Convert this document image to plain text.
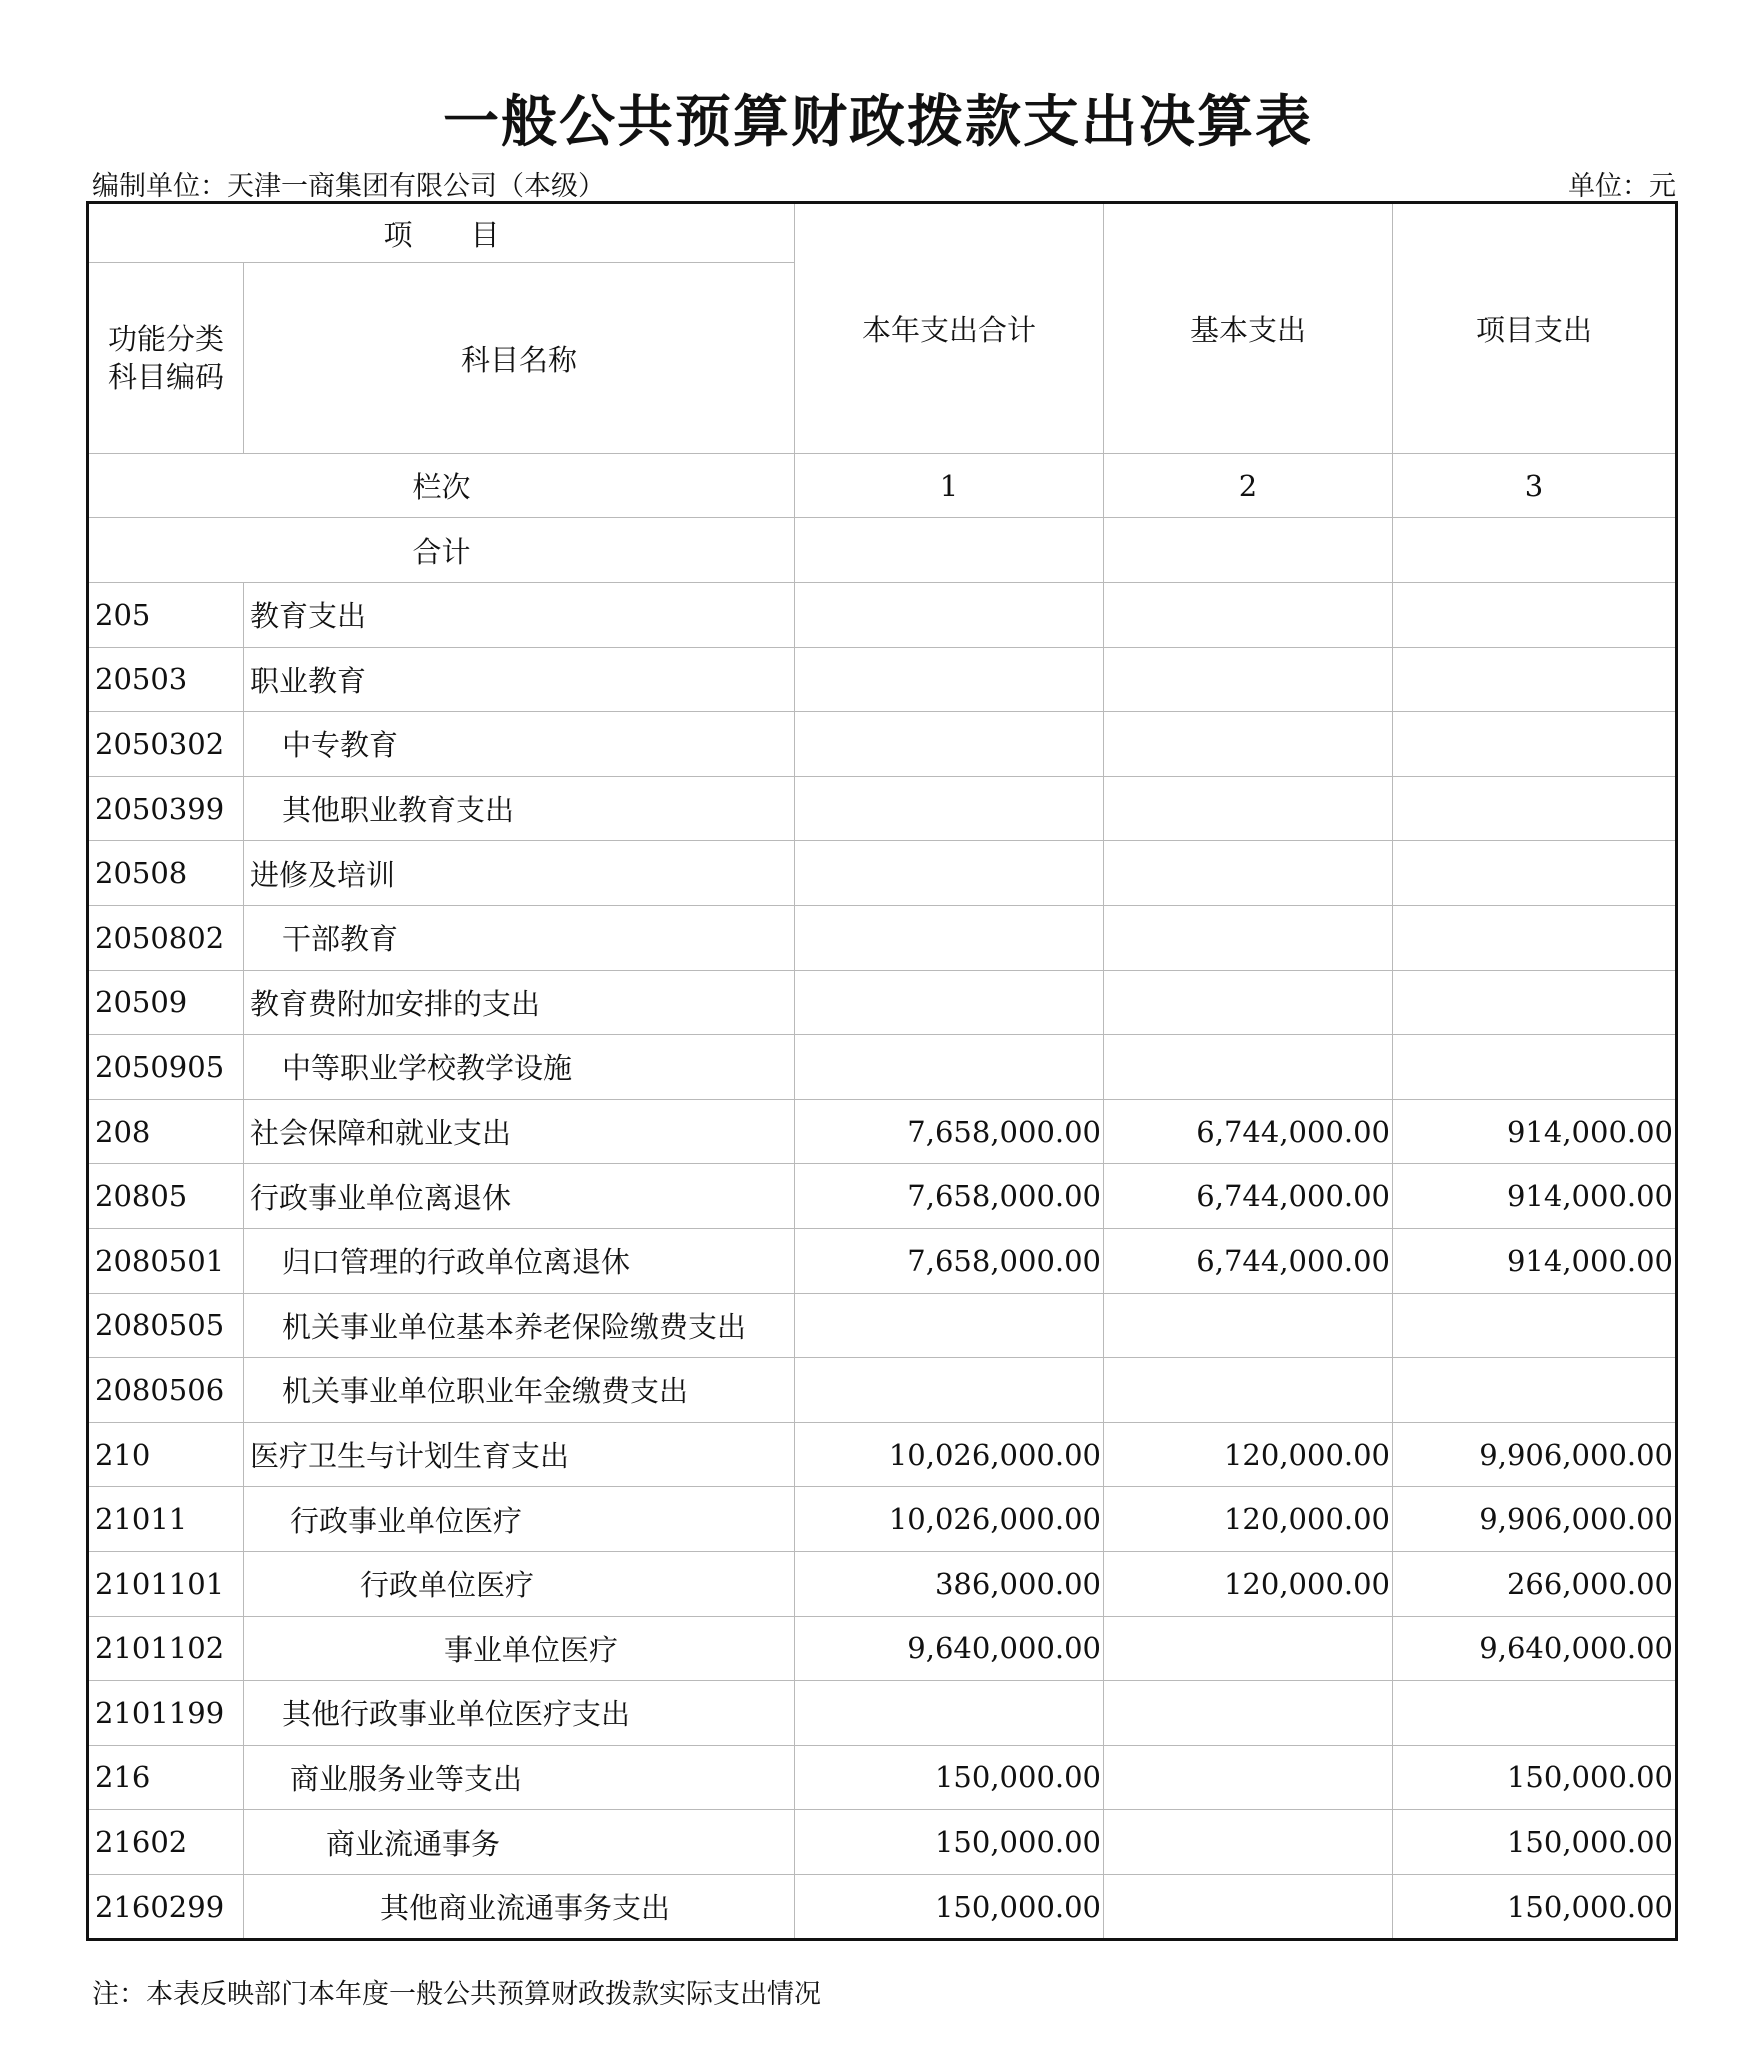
一般公共预算财政拨款支出决算表
编制单位：天津一商集团有限公司（本级）	单位：元
项　　目		本年支出合计	基本支出	项目支出

功能分类
科目编码	科目名称			
栏次		1	2	3
合计				
205	教育支出			
20503	职业教育			
2050302	中专教育			
2050399	其他职业教育支出			
20508	进修及培训			
2050802	干部教育			
20509	教育费附加安排的支出			
2050905	中等职业学校教学设施			
208	社会保障和就业支出	7,658,000.00	6,744,000.00	914,000.00
20805	行政事业单位离退休	7,658,000.00	6,744,000.00	914,000.00
2080501	归口管理的行政单位离退休	7,658,000.00	6,744,000.00	914,000.00
2080505	机关事业单位基本养老保险缴费支出			
2080506	机关事业单位职业年金缴费支出			
210	医疗卫生与计划生育支出	10,026,000.00	120,000.00	9,906,000.00
21011	行政事业单位医疗	10,026,000.00	120,000.00	9,906,000.00
2101101	行政单位医疗	386,000.00	120,000.00	266,000.00
2101102	事业单位医疗	9,640,000.00		9,640,000.00
2101199	其他行政事业单位医疗支出			
216	商业服务业等支出	150,000.00		150,000.00
21602	商业流通事务	150,000.00		150,000.00
2160299	其他商业流通事务支出	150,000.00		150,000.00
注：本表反映部门本年度一般公共预算财政拨款实际支出情况
